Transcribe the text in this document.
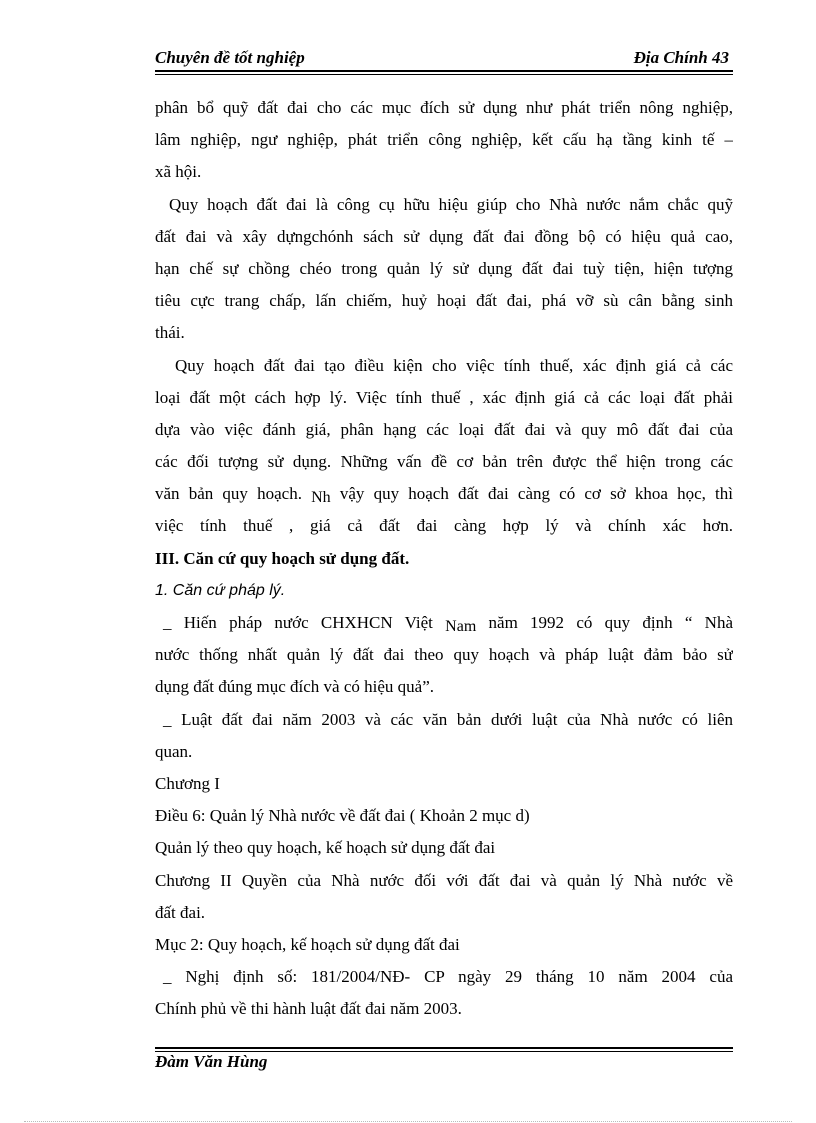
Chuyên đề tốt nghiệp	Địa Chính 43
phân bổ quỹ đất đai cho các mục đích sử dụng như phát triển nông nghiệp,
lâm nghiệp, ngư nghiệp, phát triển công nghiệp, kết cấu hạ tầng kinh tế –
xã hội.
Quy hoạch đất đai là công cụ hữu hiệu giúp cho Nhà nước nắm chắc quỹ
đất đai và xây dựngchónh sách sử dụng đất đai đồng bộ có hiệu quả cao,
hạn chế sự chồng chéo trong quản lý sử dụng đất đai tuỳ tiện, hiện tượng
tiêu cực trang chấp, lấn chiếm, huỷ hoại đất đai, phá vỡ sù cân bằng sinh
thái.
Quy hoạch đất đai tạo điều kiện cho việc tính thuế, xác định giá cả các
loại đất một cách hợp lý. Việc tính thuế , xác định giá cả các loại đất phải
dựa vào việc đánh giá, phân hạng các loại đất đai và quy mô đất đai của
các đối tượng sử dụng. Những vấn đề cơ bản trên được thể hiện trong các
văn bản quy hoạch. Nh vậy quy hoạch đất đai càng có cơ sở khoa học, thì
việc tính thuế , giá cả đất đai càng hợp lý và chính xác hơn.
III. Căn cứ quy hoạch sử dụng đất.
1. Căn cứ pháp lý.
_ Hiến pháp nước CHXHCN Việt Nam năm 1992 có quy định “ Nhà
nước thống nhất quản lý đất đai theo quy hoạch và pháp luật đảm bảo sử
dụng đất đúng mục đích và có hiệu quả”.
_ Luật đất đai năm 2003 và các văn bản dưới luật của Nhà nước có liên
quan.
Chương I
Điều 6: Quản lý Nhà nước về đất đai ( Khoản 2 mục d)
Quản lý theo quy hoạch, kế hoạch sử dụng đất đai
Chương II Quyền của Nhà nước đối với đất đai và quản lý Nhà nước về
đất đai.
Mục 2: Quy hoạch, kế hoạch sử dụng đất đai
_ Nghị định số: 181/2004/NĐ- CP ngày 29 tháng 10 năm 2004 của
Chính phủ về thi hành luật đất đai năm 2003.
Đàm Văn Hùng
